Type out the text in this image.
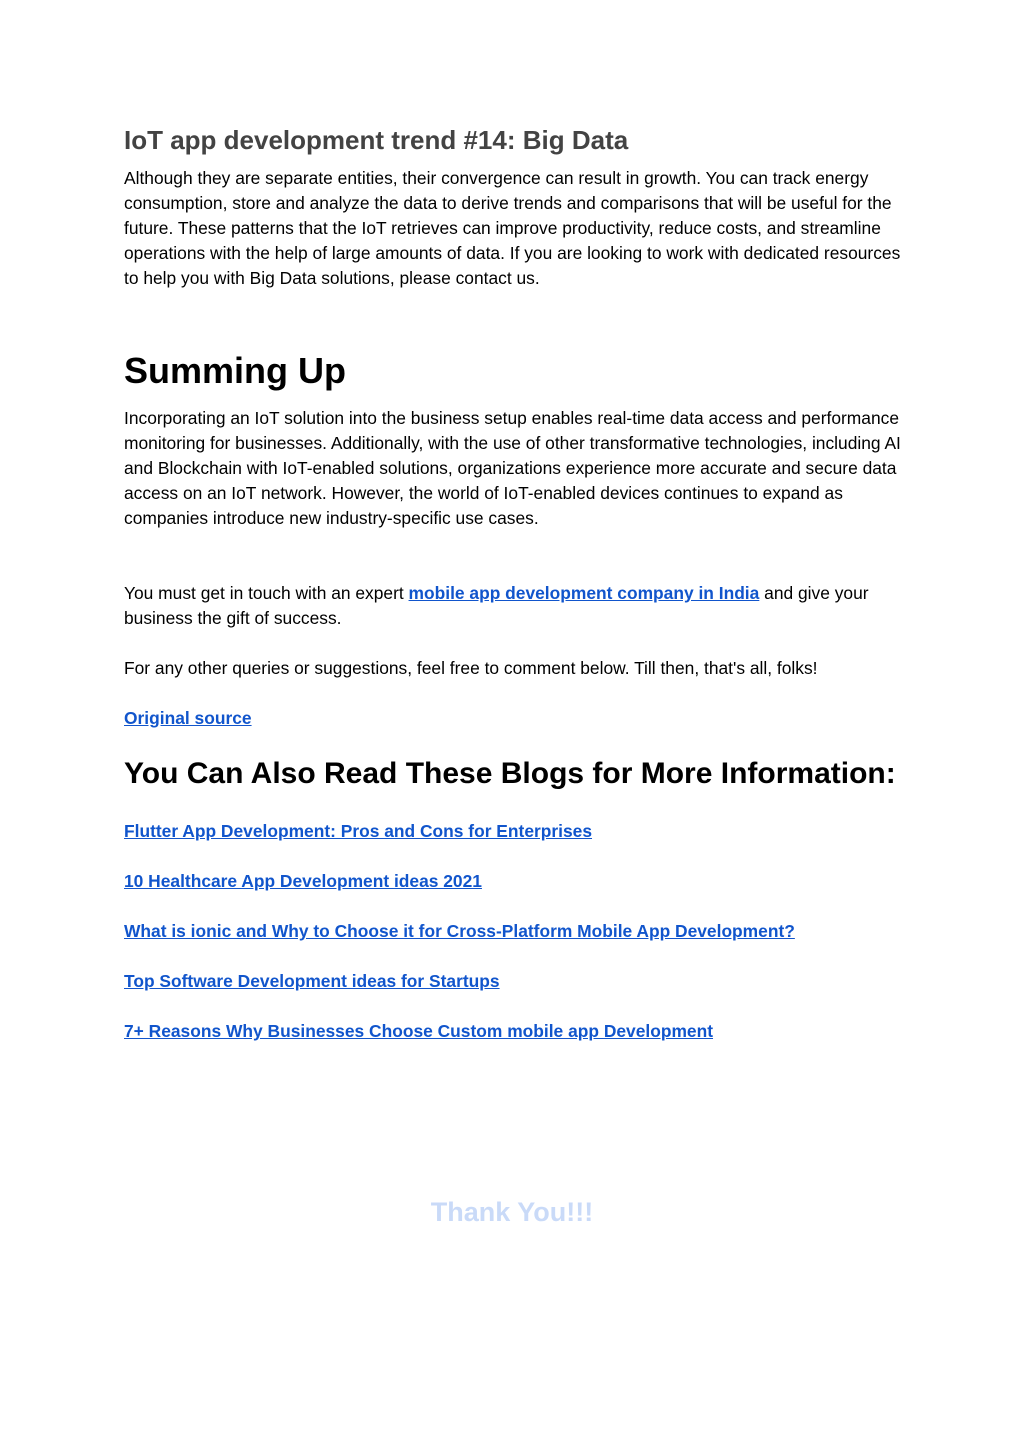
IoT app development trend #14: Big Data

Although they are separate entities, their convergence can result in growth. You can track energy consumption, store and analyze the data to derive trends and comparisons that will be useful for the future. These patterns that the IoT retrieves can improve productivity, reduce costs, and streamline operations with the help of large amounts of data. If you are looking to work with dedicated resources to help you with Big Data solutions, please contact us.

Summing Up

Incorporating an IoT solution into the business setup enables real-time data access and performance monitoring for businesses. Additionally, with the use of other transformative technologies, including AI and Blockchain with IoT-enabled solutions, organizations experience more accurate and secure data access on an IoT network. However, the world of IoT-enabled devices continues to expand as companies introduce new industry-specific use cases.

You must get in touch with an expert mobile app development company in India and give your business the gift of success.

For any other queries or suggestions, feel free to comment below. Till then, that's all, folks!

Original source

You Can Also Read These Blogs for More Information:
Flutter App Development: Pros and Cons for Enterprises
10 Healthcare App Development ideas 2021
What is ionic and Why to Choose it for Cross-Platform Mobile App Development?
Top Software Development ideas for Startups
7+ Reasons Why Businesses Choose Custom mobile app Development

Thank You!!!
